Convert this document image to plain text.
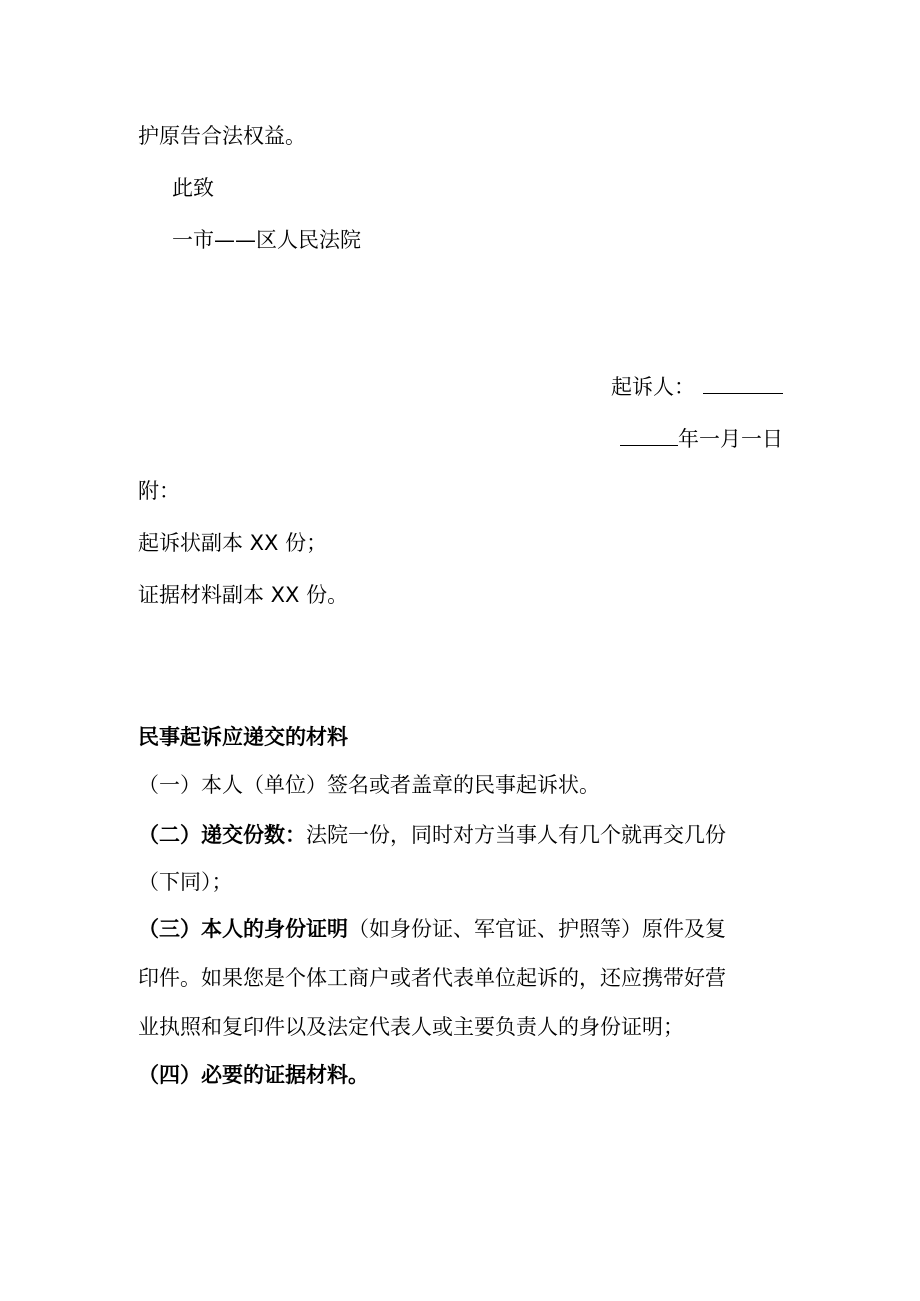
护原告合法权益。
此致
一市——区人民法院
起诉人：
年一月一日
附：
起诉状副本 XX 份；
证据材料副本 XX 份。
民事起诉应递交的材料
（一）本人（单位）签名或者盖章的民事起诉状。
（二）递交份数：法院一份，同时对方当事人有几个就再交几份
（下同）；
（三）本人的身份证明（如身份证、军官证、护照等）原件及复
印件。如果您是个体工商户或者代表单位起诉的，还应携带好营
业执照和复印件以及法定代表人或主要负责人的身份证明；
（四）必要的证据材料。
